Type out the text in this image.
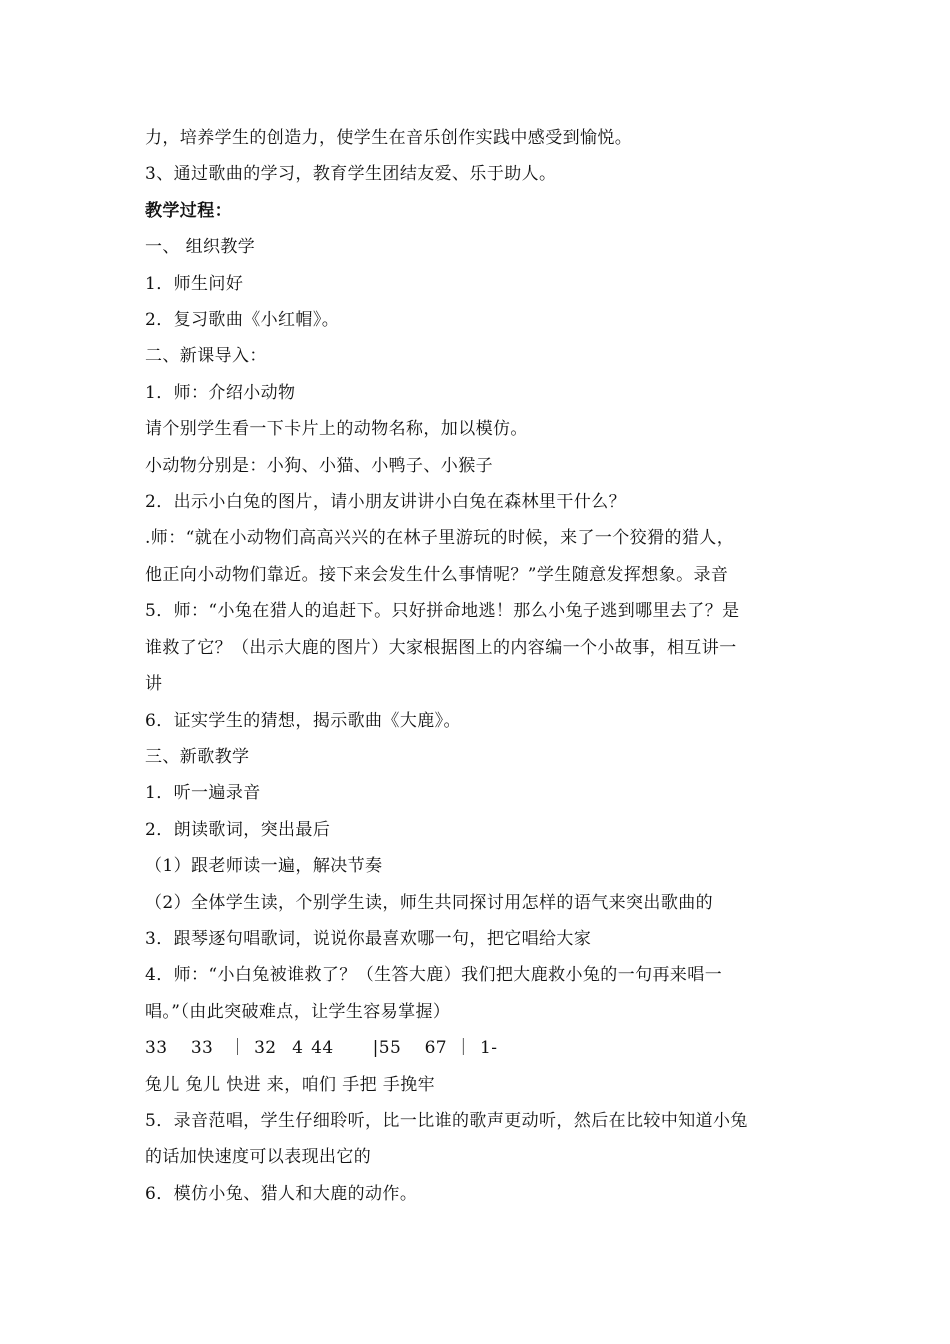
力，培养学生的创造力，使学生在音乐创作实践中感受到愉悦。
3、通过歌曲的学习，教育学生团结友爱、乐于助人。
教学过程：
一、 组织教学
1．师生问好
2．复习歌曲《小红帽》。
二、新课导入：
1．师：介绍小动物
请个别学生看一下卡片上的动物名称，加以模仿。
小动物分别是：小狗、小猫、小鸭子、小猴子
2．出示小白兔的图片，请小朋友讲讲小白兔在森林里干什么？
.师：“就在小动物们高高兴兴的在林子里游玩的时候，来了一个狡猾的猎人，
他正向小动物们靠近。接下来会发生什么事情呢？”学生随意发挥想象。录音
5．师：“小兔在猎人的追赶下。只好拼命地逃！那么小兔子逃到哪里去了？是
谁救了它？（出示大鹿的图片）大家根据图上的内容编一个小故事，相互讲一
讲
6．证实学生的猜想，揭示歌曲《大鹿》。
三、新歌教学
1．听一遍录音
2．朗读歌词，突出最后
（1）跟老师读一遍，解决节奏
（2）全体学生读，个别学生读，师生共同探讨用怎样的语气来突出歌曲的
3．跟琴逐句唱歌词，说说你最喜欢哪一句，把它唱给大家
4．师：“小白兔被谁救了？（生答大鹿）我们把大鹿救小兔的一句再来唱一
唱。”（由此突破难点，让学生容易掌握）
33   33  ｜ 32  4 44     |55   67 ｜ 1-
兔儿 兔儿 快进 来，咱们 手把 手挽牢
5．录音范唱，学生仔细聆听，比一比谁的歌声更动听，然后在比较中知道小兔
的话加快速度可以表现出它的
6．模仿小兔、猎人和大鹿的动作。
